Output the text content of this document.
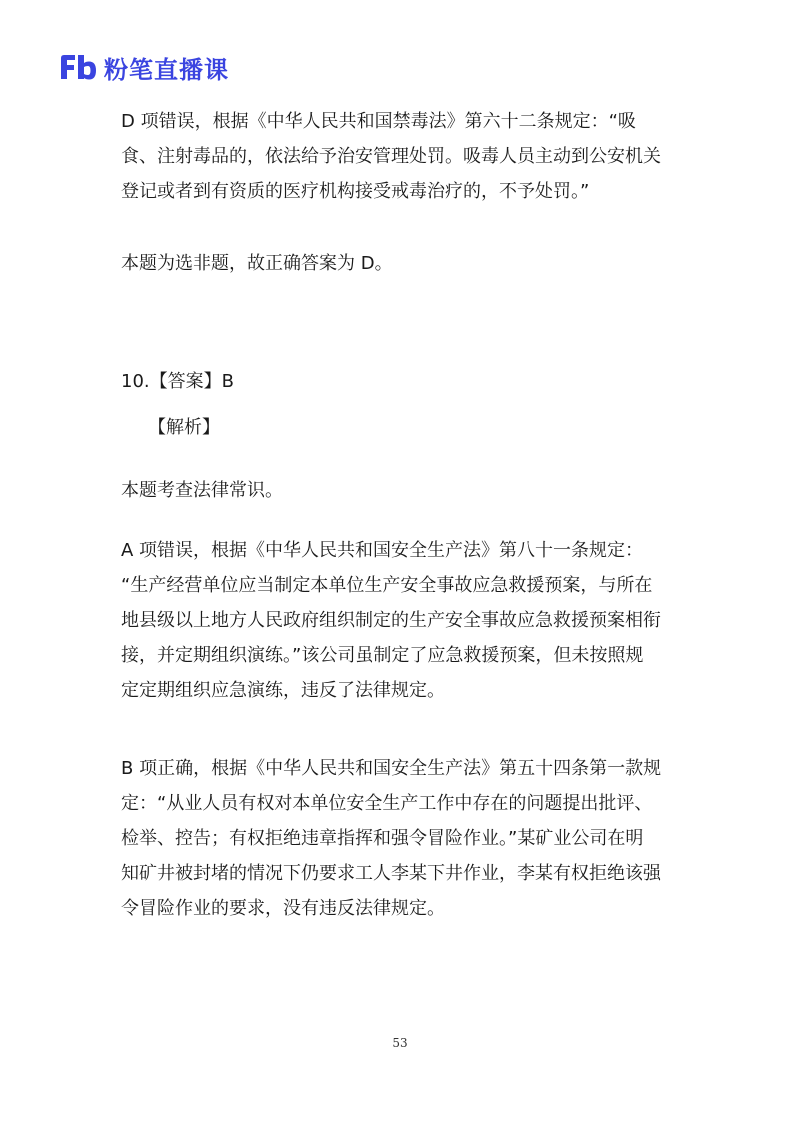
粉笔直播课
D 项错误，根据《中华人民共和国禁毒法》第六十二条规定：“吸
食、注射毒品的，依法给予治安管理处罚。吸毒人员主动到公安机关
登记或者到有资质的医疗机构接受戒毒治疗的，不予处罚。”
本题为选非题，故正确答案为 D。
10.【答案】B
【解析】
本题考查法律常识。
A 项错误，根据《中华人民共和国安全生产法》第八十一条规定：
“生产经营单位应当制定本单位生产安全事故应急救援预案，与所在
地县级以上地方人民政府组织制定的生产安全事故应急救援预案相衔
接，并定期组织演练。”该公司虽制定了应急救援预案，但未按照规
定定期组织应急演练，违反了法律规定。
B 项正确，根据《中华人民共和国安全生产法》第五十四条第一款规
定：“从业人员有权对本单位安全生产工作中存在的问题提出批评、
检举、控告；有权拒绝违章指挥和强令冒险作业。”某矿业公司在明
知矿井被封堵的情况下仍要求工人李某下井作业，李某有权拒绝该强
令冒险作业的要求，没有违反法律规定。
53
